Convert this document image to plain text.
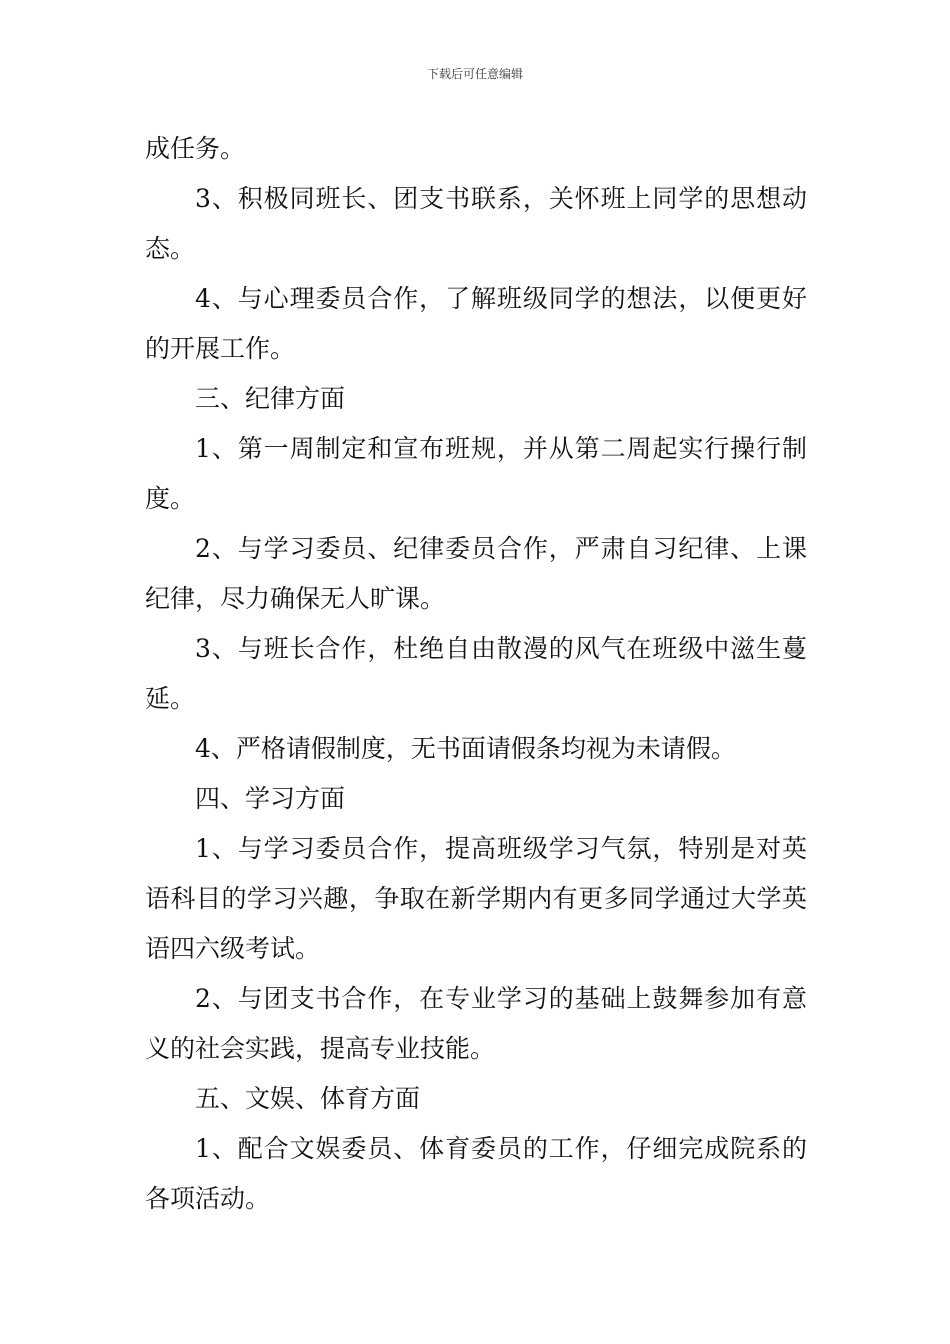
下载后可任意编辑

成任务。

3、积极同班长、团支书联系，关怀班上同学的思想动态。

4、与心理委员合作，了解班级同学的想法，以便更好的开展工作。

三、纪律方面

1、第一周制定和宣布班规，并从第二周起实行操行制度。

2、与学习委员、纪律委员合作，严肃自习纪律、上课纪律，尽力确保无人旷课。

3、与班长合作，杜绝自由散漫的风气在班级中滋生蔓延。

4、严格请假制度，无书面请假条均视为未请假。

四、学习方面

1、与学习委员合作，提高班级学习气氛，特别是对英语科目的学习兴趣，争取在新学期内有更多同学通过大学英语四六级考试。

2、与团支书合作，在专业学习的基础上鼓舞参加有意义的社会实践，提高专业技能。

五、文娱、体育方面

1、配合文娱委员、体育委员的工作，仔细完成院系的各项活动。
